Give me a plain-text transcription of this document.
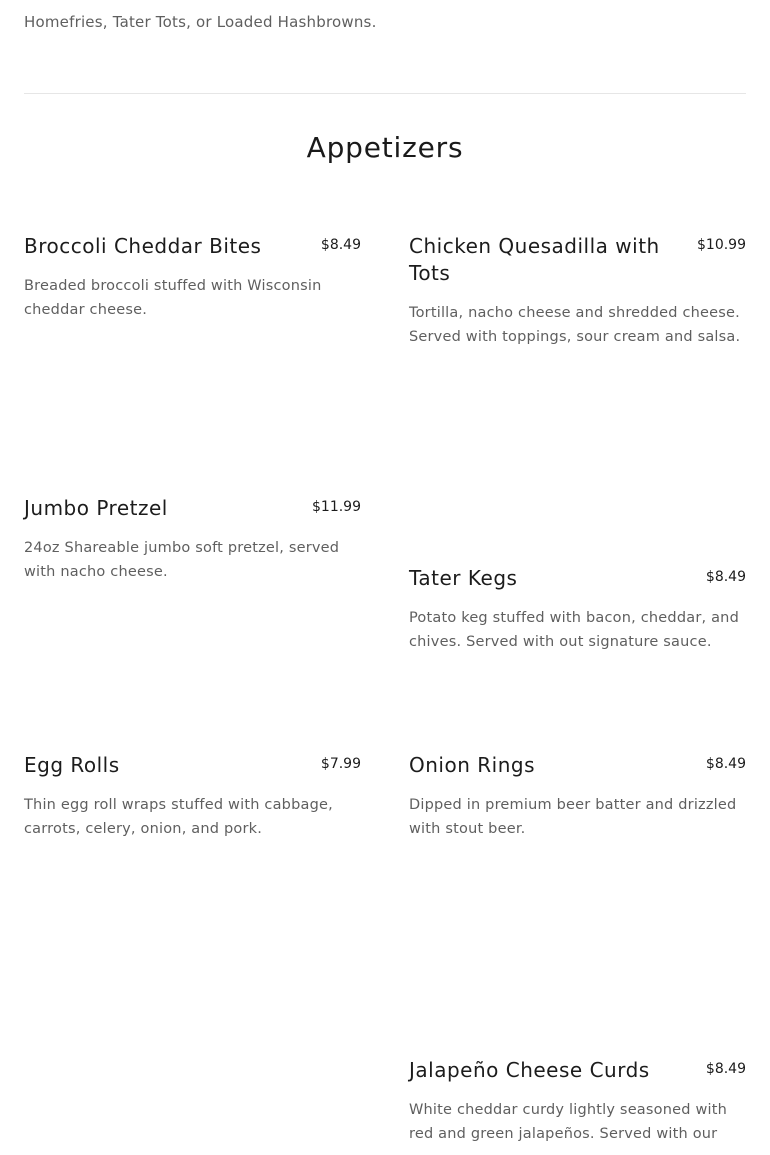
Homefries, Tater Tots, or Loaded Hashbrowns.

Appetizers
Broccoli Cheddar Bites	$8.49

Breaded broccoli stuffed with Wisconsin cheddar cheese.

Chicken Quesadilla with Tots
$10.99

Tortilla, nacho cheese and shredded cheese. Served with toppings, sour cream and salsa.

Jumbo Pretzel	$11.99

24oz Shareable jumbo soft pretzel, served with nacho cheese.	Tater Kegs	$8.49

Potato keg stuffed with bacon, cheddar, and chives. Served with out signature sauce.

Egg Rolls	$7.99

Thin egg roll wraps stuffed with cabbage, carrots, celery, onion, and pork.

Onion Rings	$8.49

Dipped in premium beer batter and drizzled with stout beer.

Jalapeño Cheese Curds	$8.49

White cheddar curdy lightly seasoned with red and green jalapeños. Served with our
